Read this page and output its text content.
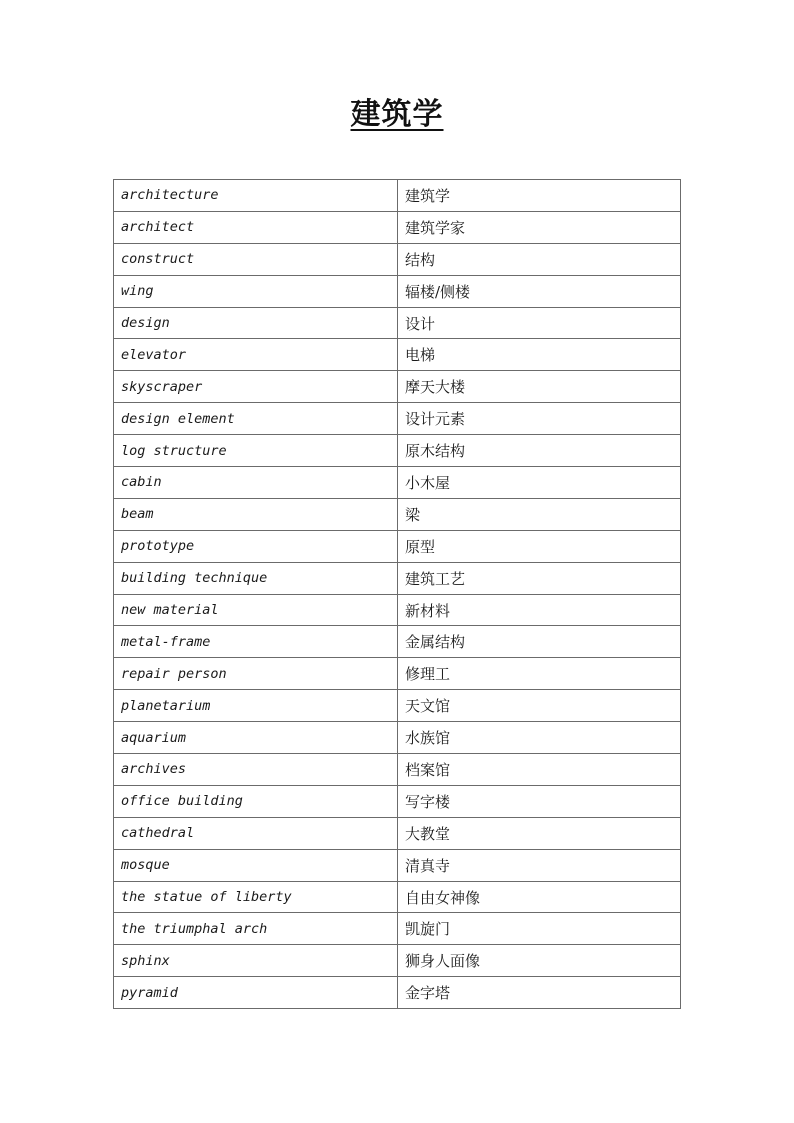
建筑学
architecture	建筑学
architect	建筑学家
construct	结构
wing	辐楼/侧楼
design	设计
elevator	电梯
skyscraper	摩天大楼
design element	设计元素
log structure	原木结构
cabin	小木屋
beam	梁
prototype	原型
building technique	建筑工艺
new material	新材料
metal-frame	金属结构
repair person	修理工
planetarium	天文馆
aquarium	水族馆
archives	档案馆
office building	写字楼
cathedral	大教堂
mosque	清真寺
the statue of liberty	自由女神像
the triumphal arch	凯旋门
sphinx	狮身人面像
pyramid	金字塔
